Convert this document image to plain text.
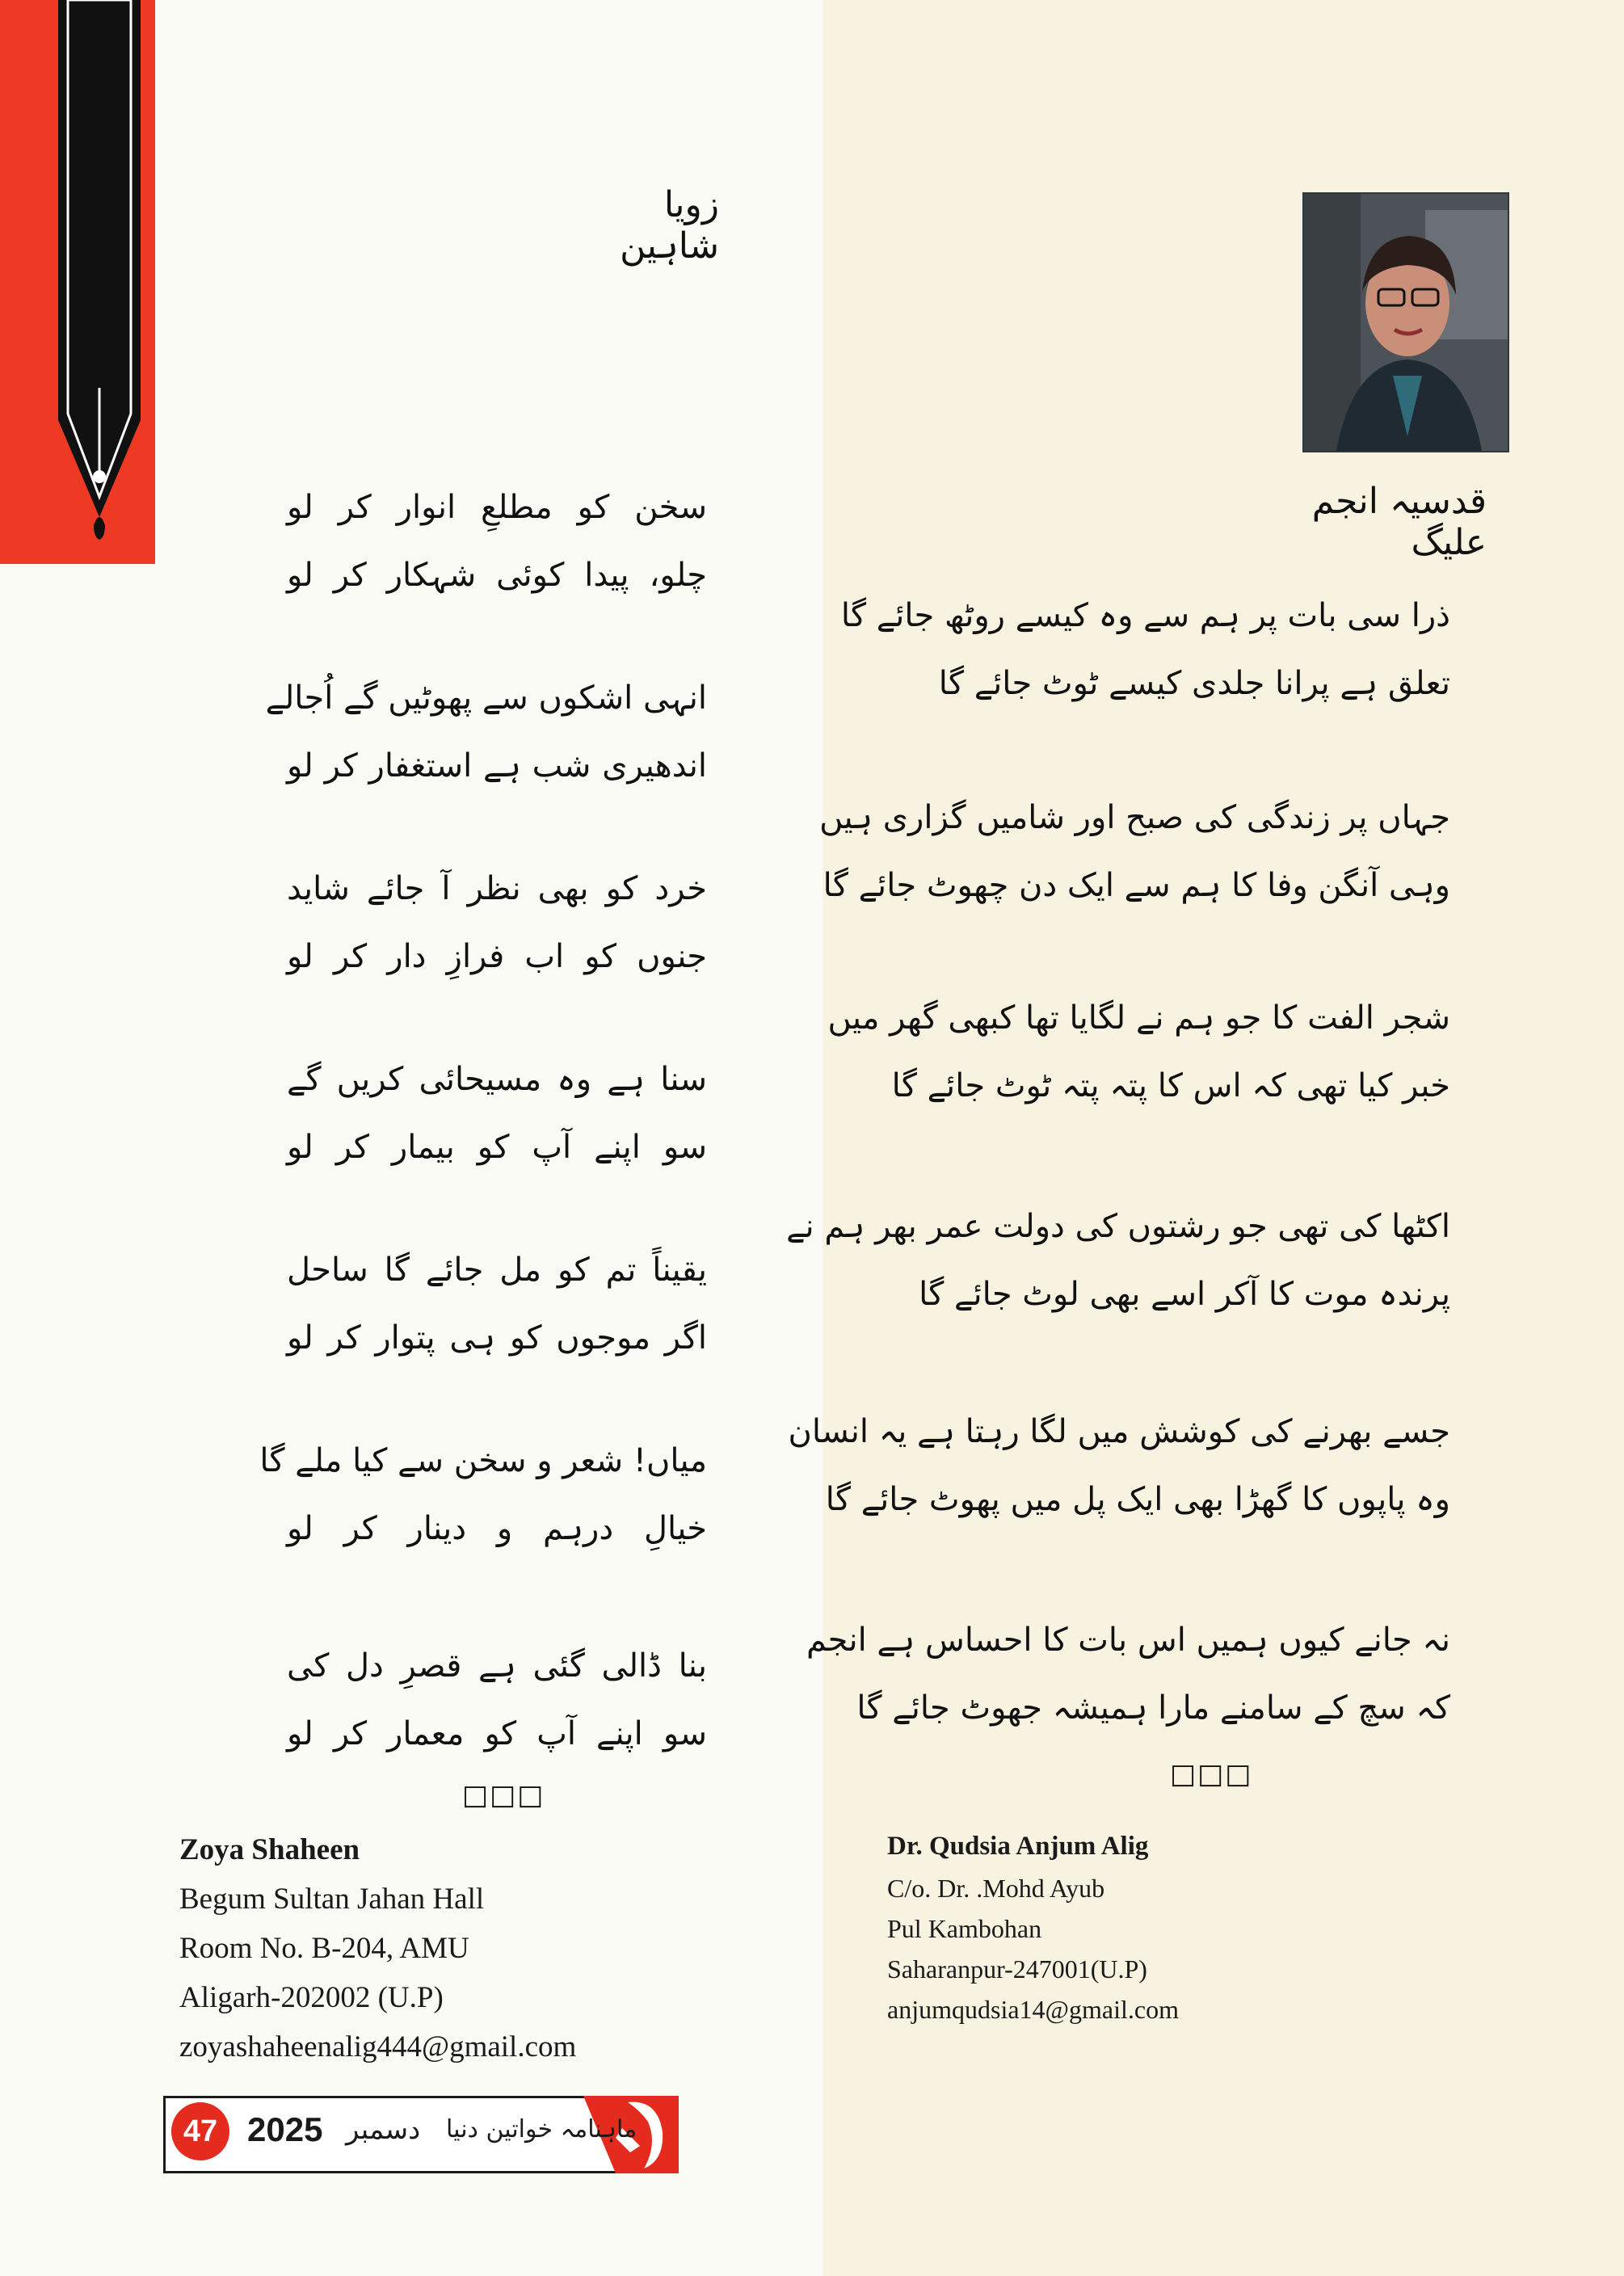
حسنِ سخن
زویا شاہین
سخن کو مطلعِ انوار کر لو
چلو، پیدا کوئی شہکار کر لو
انہی اشکوں سے پھوٹیں گے اُجالے
اندھیری شب ہے استغفار کر لو
خرد کو بھی نظر آ جائے شاید
جنوں کو اب فرازِ دار کر لو
سنا ہے وہ مسیحائی کریں گے
سو اپنے آپ کو بیمار کر لو
یقیناً تم کو مل جائے گا ساحل
اگر موجوں کو ہی پتوار کر لو
میاں! شعر و سخن سے کیا ملے گا
خیالِ درہم و دینار کر لو
بنا ڈالی گئی ہے قصرِ دل کی
سو اپنے آپ کو معمار کر لو
□□□
قدسیہ انجم علیگ
ذرا سی بات پر ہم سے وہ کیسے روٹھ جائے گا
تعلق ہے پرانا جلدی کیسے ٹوٹ جائے گا
جہاں پر زندگی کی صبح اور شامیں گزاری ہیں
وہی آنگن وفا کا ہم سے ایک دن چھوٹ جائے گا
شجر الفت کا جو ہم نے لگایا تھا کبھی گھر میں
خبر کیا تھی کہ اس کا پتہ پتہ ٹوٹ جائے گا
اکٹھا کی تھی جو رشتوں کی دولت عمر بھر ہم نے
پرندہ موت کا آکر اسے بھی لوٹ جائے گا
جسے بھرنے کی کوشش میں لگا رہتا ہے یہ انسان
وہ پاپوں کا گھڑا بھی ایک پل میں پھوٹ جائے گا
نہ جانے کیوں ہمیں اس بات کا احساس ہے انجم
کہ سچ کے سامنے مارا ہمیشہ جھوٹ جائے گا
□□□
Zoya Shaheen
Begum Sultan Jahan Hall
Room No. B-204, AMU
Aligarh-202002 (U.P)
zoyashaheenalig444@gmail.com
Dr. Qudsia Anjum Alig
C/o. Dr. .Mohd Ayub
Pul Kambohan
Saharanpur-247001(U.P)
anjumqudsia14@gmail.com
47 2025 دسمبر ماہنامہ خواتین دنیا
